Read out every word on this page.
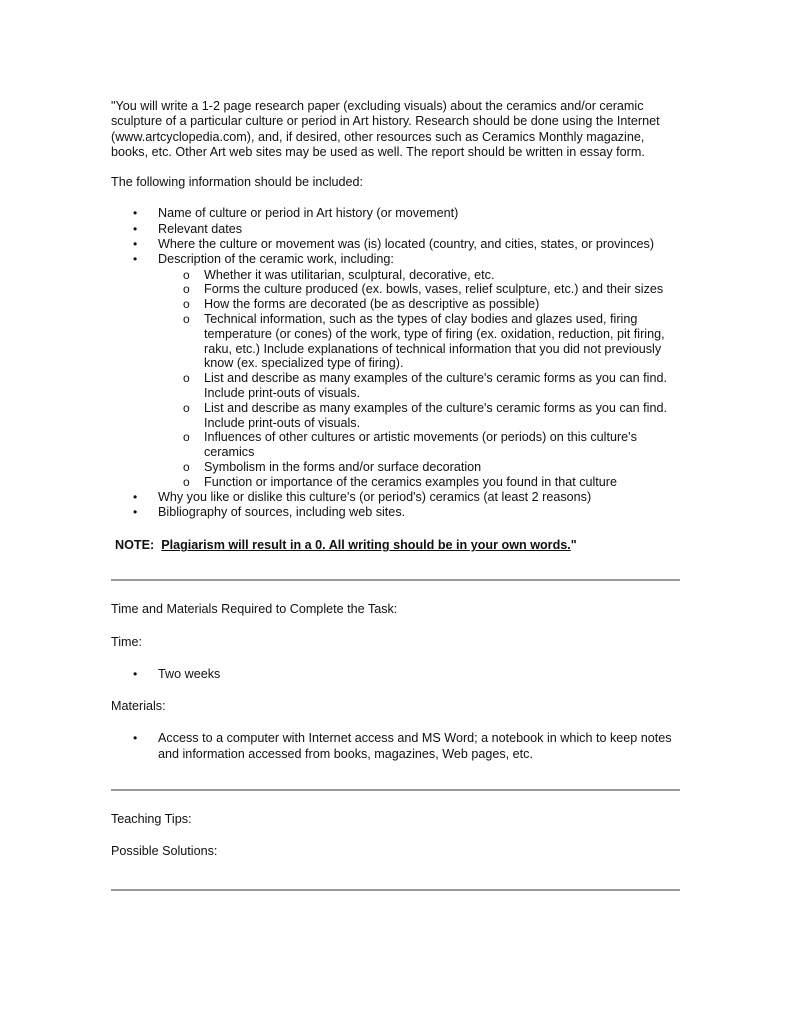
"You will write a 1-2 page research paper (excluding visuals) about the ceramics and/or ceramic sculpture of a particular culture or period in Art history. Research should be done using the Internet (www.artcyclopedia.com), and, if desired, other resources such as Ceramics Monthly magazine, books, etc. Other Art web sites may be used as well. The report should be written in essay form.

The following information should be included:

• Name of culture or period in Art history (or movement)
• Relevant dates
• Where the culture or movement was (is) located (country, and cities, states, or provinces)
• Description of the ceramic work, including:
o Whether it was utilitarian, sculptural, decorative, etc.
o Forms the culture produced (ex. bowls, vases, relief sculpture, etc.) and their sizes
o How the forms are decorated (be as descriptive as possible)
o Technical information, such as the types of clay bodies and glazes used, firing temperature (or cones) of the work, type of firing (ex. oxidation, reduction, pit firing, raku, etc.) Include explanations of technical information that you did not previously know (ex. specialized type of firing).
o List and describe as many examples of the culture's ceramic forms as you can find. Include print-outs of visuals.
o List and describe as many examples of the culture's ceramic forms as you can find. Include print-outs of visuals.
o Influences of other cultures or artistic movements (or periods) on this culture's ceramics
o Symbolism in the forms and/or surface decoration
o Function or importance of the ceramics examples you found in that culture
• Why you like or dislike this culture's (or period's) ceramics (at least 2 reasons)
• Bibliography of sources, including web sites.

NOTE: Plagiarism will result in a 0. All writing should be in your own words."

Time and Materials Required to Complete the Task:

Time:

• Two weeks

Materials:

• Access to a computer with Internet access and MS Word; a notebook in which to keep notes and information accessed from books, magazines, Web pages, etc.

Teaching Tips:

Possible Solutions:
